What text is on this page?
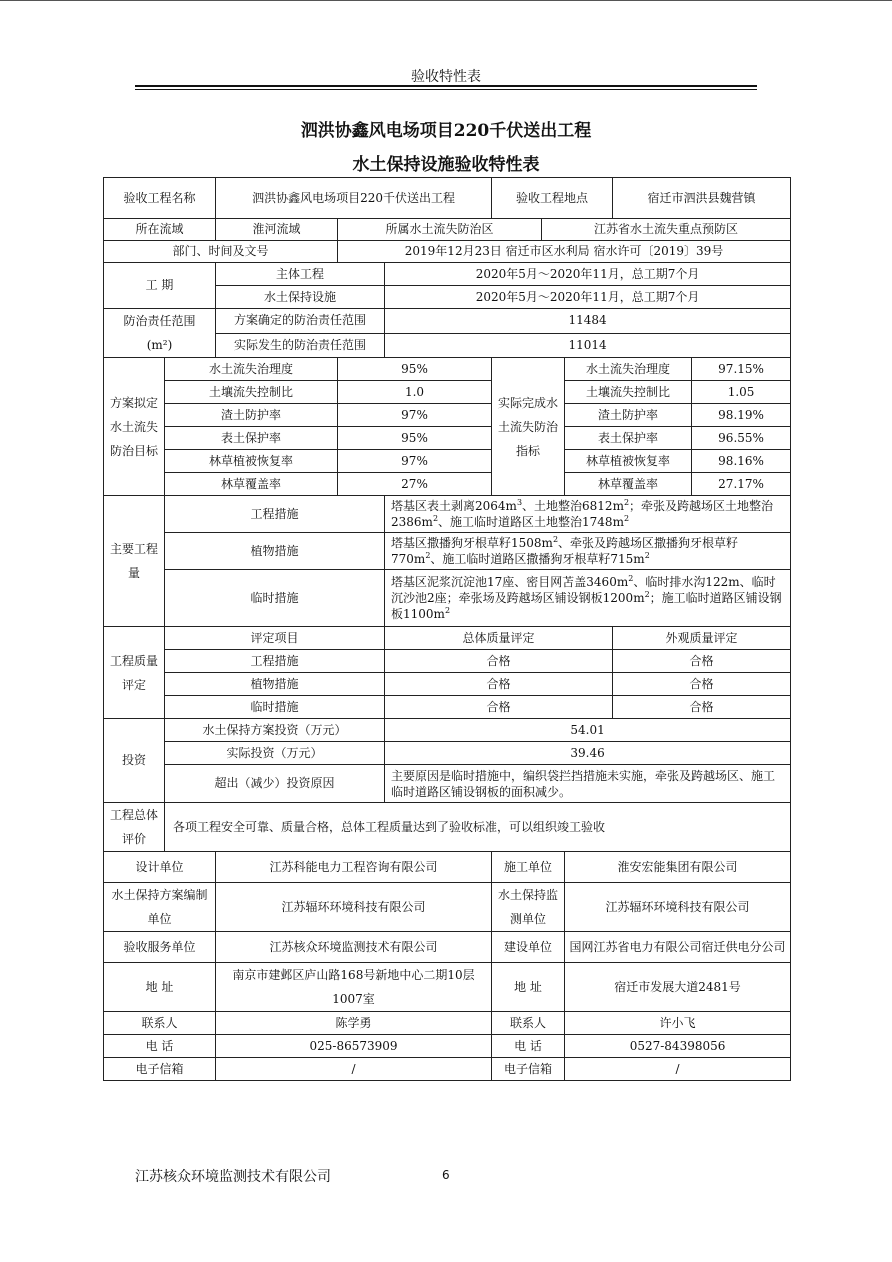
验收特性表
泗洪协鑫风电场项目220千伏送出工程
水土保持设施验收特性表
验收工程名称		泗洪协鑫风电场项目220千伏送出工程			验收工程地点			宿迁市泗洪县魏营镇	
所在流域		淮河流域	所属水土流失防治区			江苏省水土流失重点预防区			
部门、时间及文号			2019年12月23日 宿迁市区水利局 宿水许可〔2019〕39号						
工 期		主体工程		2020年5月～2020年11月，总工期7个月					
		水土保持设施		2020年5月～2020年11月，总工期7个月					
防治责任范围
(m²)		方案确定的防治责任范围		11484					
		实际发生的防治责任范围		11014					
方案拟定水土流失防治目标	水土流失治理度		95%		实际完成水土流失防治指标		水土流失治理度		97.15%
	土壤流失控制比		1.0				土壤流失控制比		1.05
	渣土防护率		97%				渣土防护率		98.19%
	表土保护率		95%				表土保护率		96.55%
	林草植被恢复率		97%				林草植被恢复率		98.16%
	林草覆盖率		27%				林草覆盖率		27.17%
主要工程量	工程措施			塔基区表土剥离$2064m^3$、土地整治$6812m^2$；牵张及跨越场区土地整治$2386m^2$、施工临时道路区土地整治$1748m^2$
	植物措施			塔基区撒播狗牙根草籽$1508m^2$、牵张及跨越场区撒播狗牙根草籽$770m^2$、施工临时道路区撒播狗牙根草籽$715m^2$
	临时措施			塔基区泥浆沉淀池17座、密目网苫盖$3460m^2$、临时排水沟122m、临时沉沙池2座；牵张场及跨越场区铺设钢板$1200m^2$；施工临时道路区铺设钢板$1100m^2$
工程质量评定	评定项目			总体质量评定				外观质量评定	
	工程措施			合格				合格	
	植物措施			合格				合格	
	临时措施			合格				合格	
投资	水土保持方案投资（万元）			54.01					
	实际投资（万元）			39.46					
	超出（减少）投资原因			主要原因是临时措施中，编织袋拦挡措施未实施，牵张及跨越场区、施工临时道路区铺设钢板的面积减少。					
工程总体评价	各项工程安全可靠、质量合格，总体工程质量达到了验收标准，可以组织竣工验收								
设计单位		江苏科能电力工程咨询有限公司			施工单位		淮安宏能集团有限公司		
水土保持方案编制单位		江苏辐环环境科技有限公司			水土保持监测单位		江苏辐环环境科技有限公司		
验收服务单位		江苏核众环境监测技术有限公司			建设单位		国网江苏省电力有限公司宿迁供电分公司		
地 址		南京市建邺区庐山路168号新地中心二期10层1007室			地 址		宿迁市发展大道2481号		
联系人		陈学勇			联系人		许小飞		
电 话		025-86573909			电 话		0527-84398056		
电子信箱		/			电子信箱		/		
江苏核众环境监测技术有限公司	6
